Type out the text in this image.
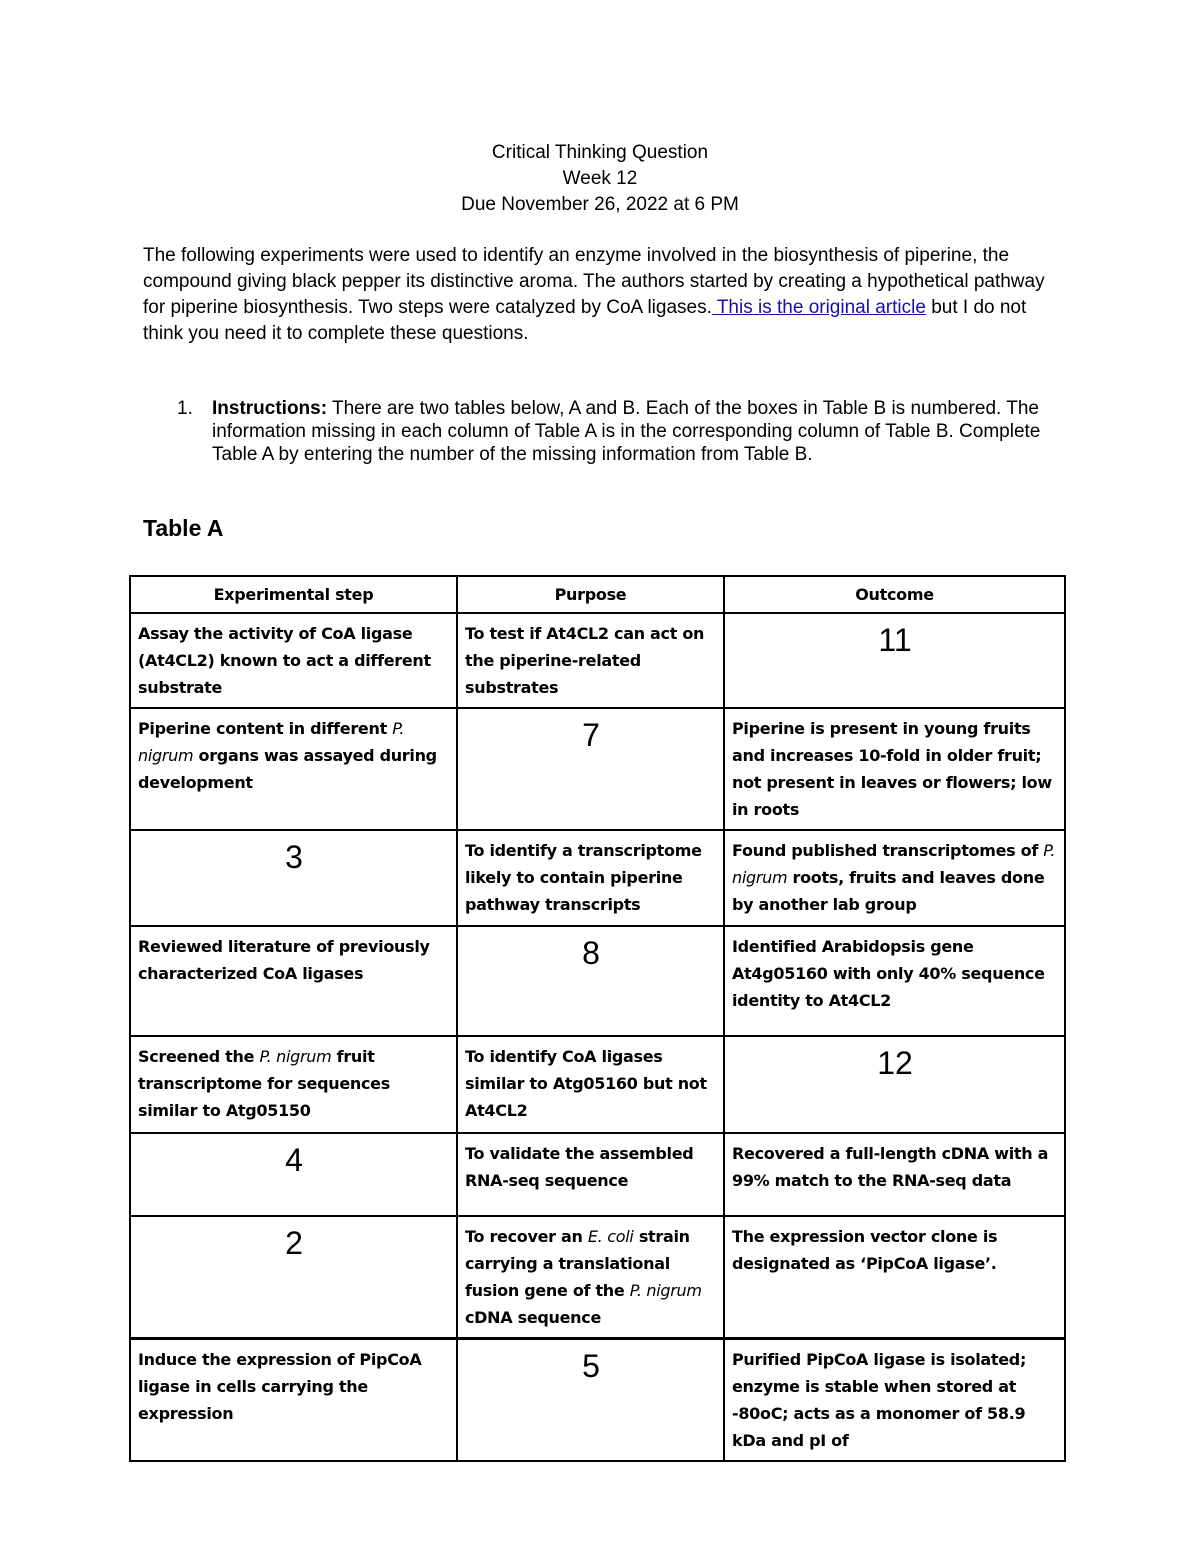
Critical Thinking Question
Week 12
Due November 26, 2022 at 6 PM
The following experiments were used to identify an enzyme involved in the biosynthesis of piperine, the compound giving black pepper its distinctive aroma. The authors started by creating a hypothetical pathway for piperine biosynthesis. Two steps were catalyzed by CoA ligases. This is the original article but I do not think you need it to complete these questions.
1. Instructions: There are two tables below, A and B. Each of the boxes in Table B is numbered. The information missing in each column of Table A is in the corresponding column of Table B. Complete Table A by entering the number of the missing information from Table B.
Table A
Experimental step	Purpose	Outcome
Assay the activity of CoA ligase (At4CL2) known to act a different substrate	To test if At4CL2 can act on the piperine-related substrates	11
Piperine content in different P. nigrum organs was assayed during development	7	Piperine is present in young fruits and increases 10-fold in older fruit; not present in leaves or flowers; low in roots
3	To identify a transcriptome likely to contain piperine pathway transcripts	Found published transcriptomes of P. nigrum roots, fruits and leaves done by another lab group
Reviewed literature of previously characterized CoA ligases	8	Identified Arabidopsis gene At4g05160 with only 40% sequence identity to At4CL2
Screened the P. nigrum fruit transcriptome for sequences similar to Atg05150	To identify CoA ligases similar to Atg05160 but not At4CL2	12
4	To validate the assembled RNA-seq sequence	Recovered a full-length cDNA with a 99% match to the RNA-seq data
2	To recover an E. coli strain carrying a translational fusion gene of the P. nigrum cDNA sequence	The expression vector clone is designated as ‘PipCoA ligase’.
Induce the expression of PipCoA ligase in cells carrying the expression	5	Purified PipCoA ligase is isolated; enzyme is stable when stored at -80oC; acts as a monomer of 58.9 kDa and pI of
